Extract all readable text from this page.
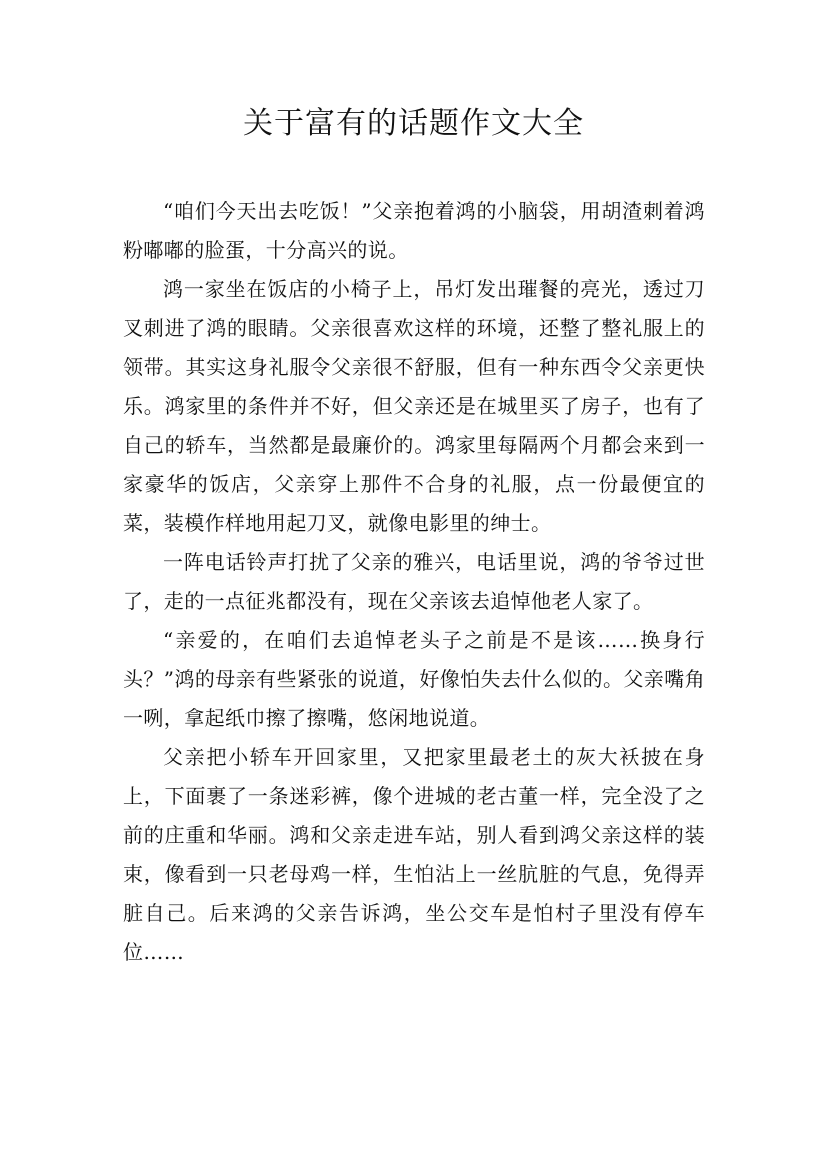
关于富有的话题作文大全

“咱们今天出去吃饭！”父亲抱着鸿的小脑袋，用胡渣刺着鸿粉嘟嘟的脸蛋，十分高兴的说。

鸿一家坐在饭店的小椅子上，吊灯发出璀餐的亮光，透过刀叉刺进了鸿的眼睛。父亲很喜欢这样的环境，还整了整礼服上的领带。其实这身礼服令父亲很不舒服，但有一种东西令父亲更快乐。鸿家里的条件并不好，但父亲还是在城里买了房子，也有了自己的轿车，当然都是最廉价的。鸿家里每隔两个月都会来到一家豪华的饭店，父亲穿上那件不合身的礼服，点一份最便宜的菜，装模作样地用起刀叉，就像电影里的绅士。

一阵电话铃声打扰了父亲的雅兴，电话里说，鸿的爷爷过世了，走的一点征兆都没有，现在父亲该去追悼他老人家了。

“亲爱的，在咱们去追悼老头子之前是不是该……换身行头？”鸿的母亲有些紧张的说道，好像怕失去什么似的。父亲嘴角一咧，拿起纸巾擦了擦嘴，悠闲地说道。

父亲把小轿车开回家里，又把家里最老土的灰大袄披在身上，下面裹了一条迷彩裤，像个进城的老古董一样，完全没了之前的庄重和华丽。鸿和父亲走进车站，别人看到鸿父亲这样的装束，像看到一只老母鸡一样，生怕沾上一丝肮脏的气息，免得弄脏自己。后来鸿的父亲告诉鸿，坐公交车是怕村子里没有停车位……
